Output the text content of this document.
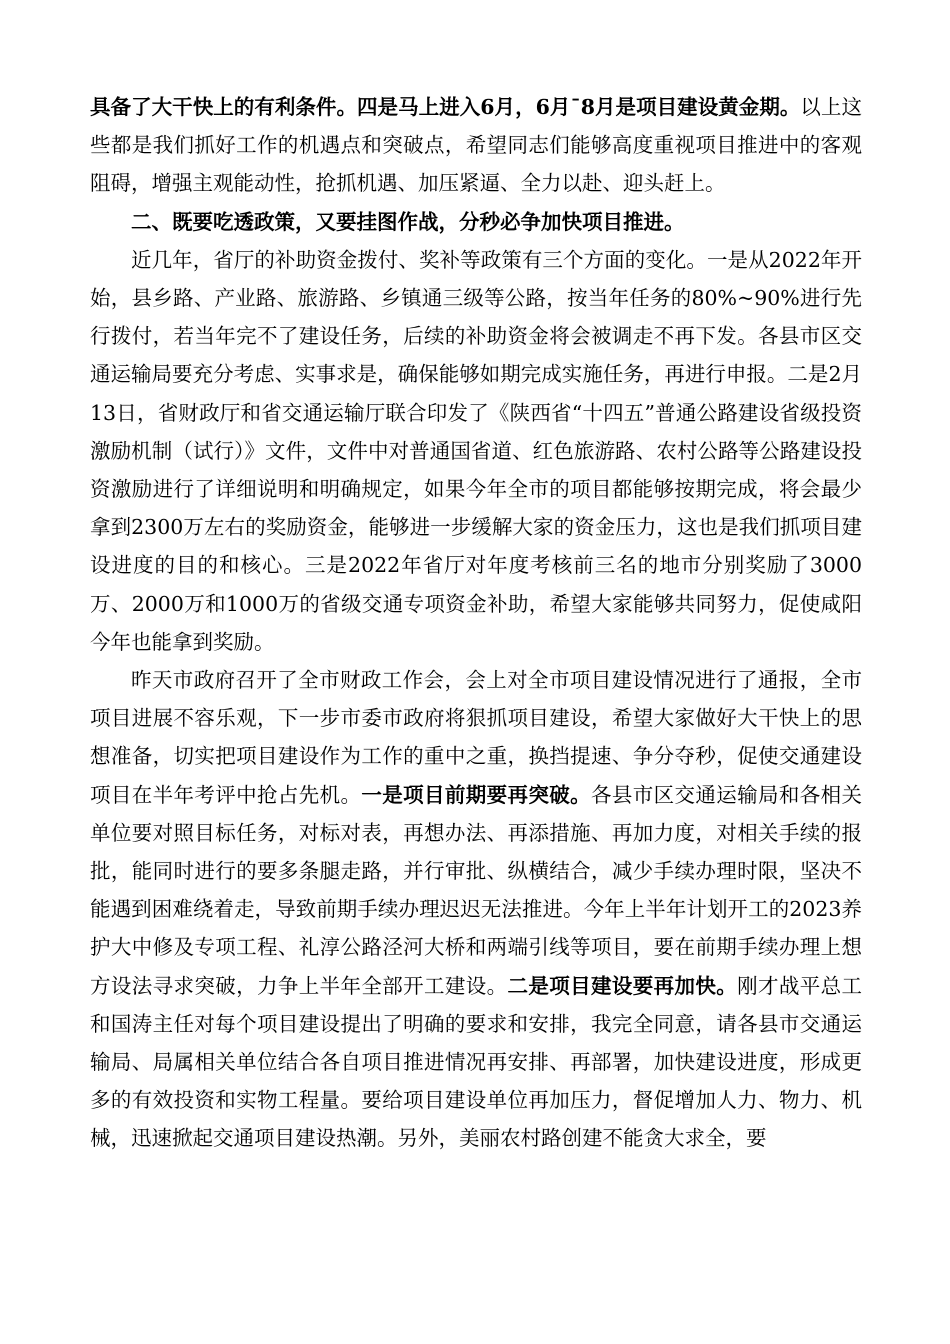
具备了大干快上的有利条件。四是马上进入6月，6月¯8月是项目建设黄金期。以上这些都是我们抓好工作的机遇点和突破点，希望同志们能够高度重视项目推进中的客观阻碍，增强主观能动性，抢抓机遇、加压紧逼、全力以赴、迎头赶上。

二、既要吃透政策，又要挂图作战，分秒必争加快项目推进。

近几年，省厅的补助资金拨付、奖补等政策有三个方面的变化。一是从2022年开始，县乡路、产业路、旅游路、乡镇通三级等公路，按当年任务的80%~90%进行先行拨付，若当年完不了建设任务，后续的补助资金将会被调走不再下发。各县市区交通运输局要充分考虑、实事求是，确保能够如期完成实施任务，再进行申报。二是2月13日，省财政厅和省交通运输厅联合印发了《陕西省“十四五”普通公路建设省级投资激励机制（试行）》文件，文件中对普通国省道、红色旅游路、农村公路等公路建设投资激励进行了详细说明和明确规定，如果今年全市的项目都能够按期完成，将会最少拿到2300万左右的奖励资金，能够进一步缓解大家的资金压力，这也是我们抓项目建设进度的目的和核心。三是2022年省厅对年度考核前三名的地市分别奖励了3000万、2000万和1000万的省级交通专项资金补助，希望大家能够共同努力，促使咸阳今年也能拿到奖励。

昨天市政府召开了全市财政工作会，会上对全市项目建设情况进行了通报，全市项目进展不容乐观，下一步市委市政府将狠抓项目建设，希望大家做好大干快上的思想准备，切实把项目建设作为工作的重中之重，换挡提速、争分夺秒，促使交通建设项目在半年考评中抢占先机。一是项目前期要再突破。各县市区交通运输局和各相关单位要对照目标任务，对标对表，再想办法、再添措施、再加力度，对相关手续的报批，能同时进行的要多条腿走路，并行审批、纵横结合，减少手续办理时限，坚决不能遇到困难绕着走，导致前期手续办理迟迟无法推进。今年上半年计划开工的2023养护大中修及专项工程、礼淳公路泾河大桥和两端引线等项目，要在前期手续办理上想方设法寻求突破，力争上半年全部开工建设。二是项目建设要再加快。刚才战平总工和国涛主任对每个项目建设提出了明确的要求和安排，我完全同意，请各县市交通运输局、局属相关单位结合各自项目推进情况再安排、再部署，加快建设进度，形成更多的有效投资和实物工程量。要给项目建设单位再加压力，督促增加人力、物力、机械，迅速掀起交通项目建设热潮。另外，美丽农村路创建不能贪大求全，要
